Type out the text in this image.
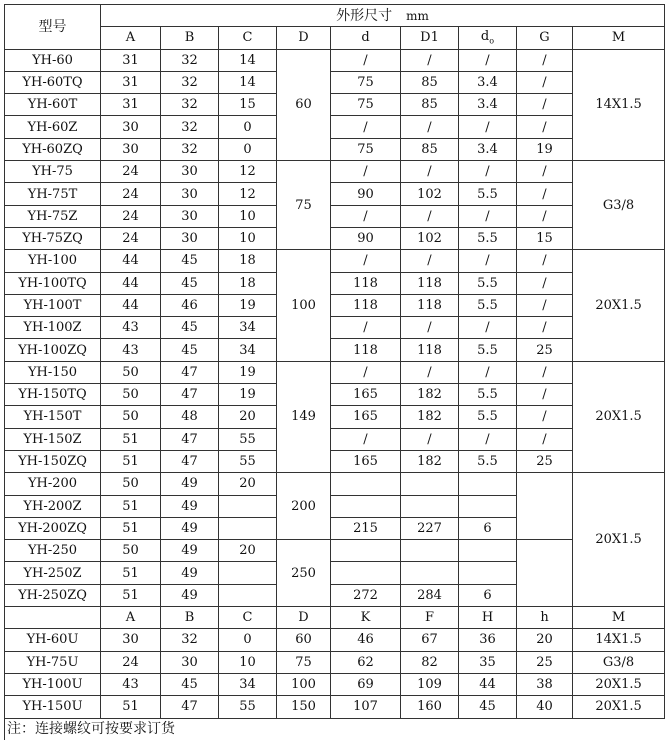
型号	外形尺寸 mm								
	A	B	C	D	d	D1	$d_o$	G	M
YH-60	31	32	14	60	/	/	/	/	14X1.5
YH-60TQ	31	32	14		75	85	3.4	/	
YH-60T	31	32	15		75	85	3.4	/	
YH-60Z	30	32	0		/	/	/	/	
YH-60ZQ	30	32	0		75	85	3.4	19	
YH-75	24	30	12	75	/	/	/	/	G3/8
YH-75T	24	30	12		90	102	5.5	/	
YH-75Z	24	30	10		/	/	/	/	
YH-75ZQ	24	30	10		90	102	5.5	15	
YH-100	44	45	18	100	/	/	/	/	20X1.5
YH-100TQ	44	45	18		118	118	5.5	/	
YH-100T	44	46	19		118	118	5.5	/	
YH-100Z	43	45	34		/	/	/	/	
YH-100ZQ	43	45	34		118	118	5.5	25	
YH-150	50	47	19	149	/	/	/	/	20X1.5
YH-150TQ	50	47	19		165	182	5.5	/	
YH-150T	50	48	20		165	182	5.5	/	
YH-150Z	51	47	55		/	/	/	/	
YH-150ZQ	51	47	55		165	182	5.5	25	
YH-200	50	49	20	200					20X1.5
YH-200Z	51	49							
YH-200ZQ	51	49			215	227	6		
YH-250	50	49	20	250					
YH-250Z	51	49							
YH-250ZQ	51	49			272	284	6		
	A	B	C	D	K	F	H	h	M
YH-60U	30	32	0	60	46	67	36	20	14X1.5
YH-75U	24	30	10	75	62	82	35	25	G3/8
YH-100U	43	45	34	100	69	109	44	38	20X1.5
YH-150U	51	47	55	150	107	160	45	40	20X1.5
注：连接螺纹可按要求订货									
